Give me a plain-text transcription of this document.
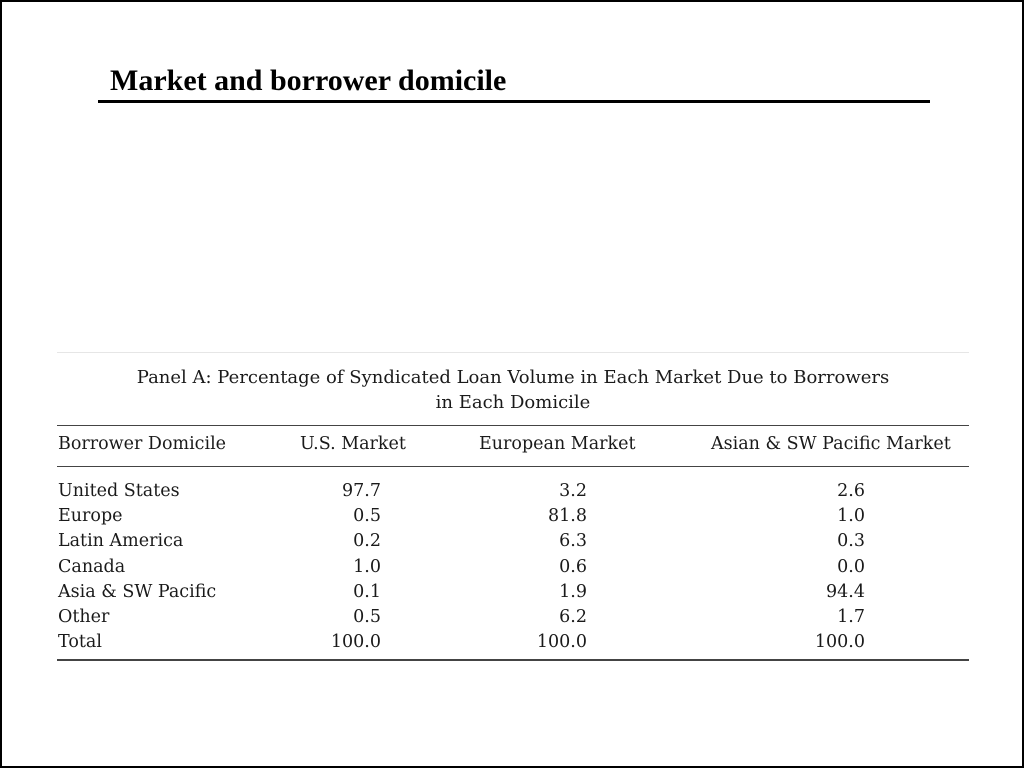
Market and borrower domicile
Panel A: Percentage of Syndicated Loan Volume in Each Market Due to Borrowers
in Each Domicile
Borrower Domicile	U.S. Market	European Market	Asian & SW Pacific Market
United States	97.7	3.2	2.6
Europe	0.5	81.8	1.0
Latin America	0.2	6.3	0.3
Canada	1.0	0.6	0.0
Asia & SW Pacific	0.1	1.9	94.4
Other	0.5	6.2	1.7
Total	100.0	100.0	100.0
